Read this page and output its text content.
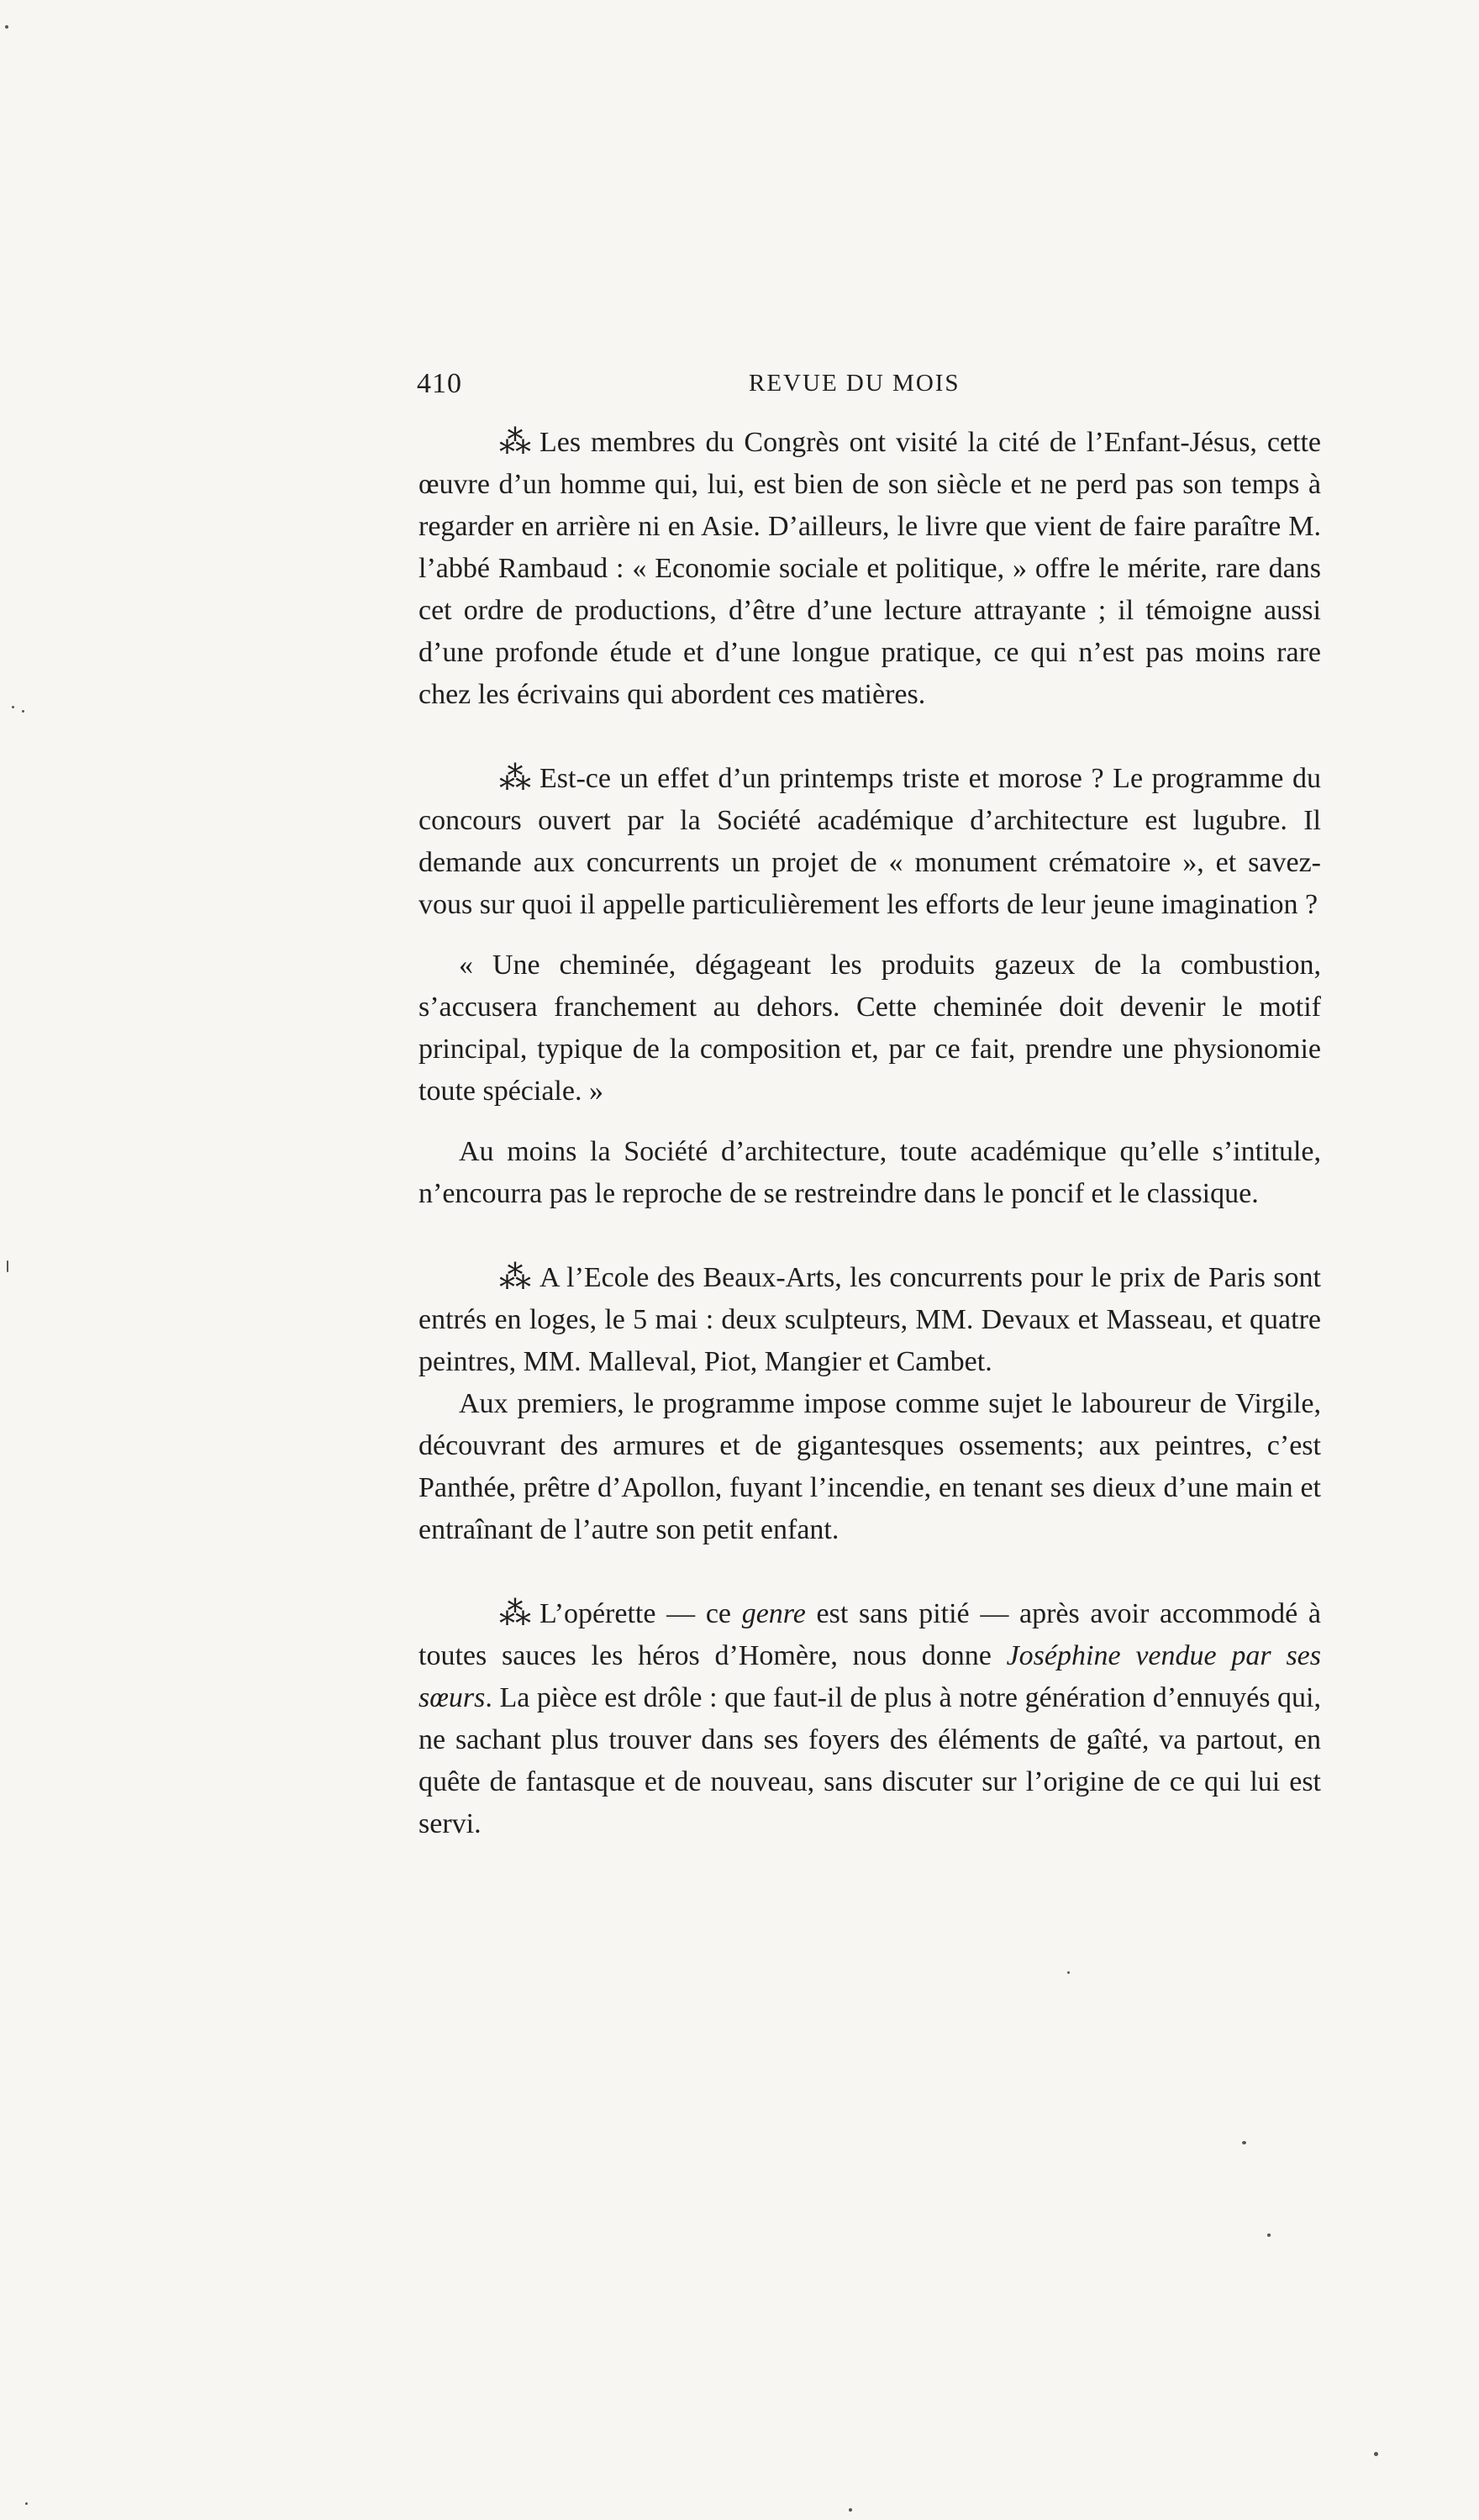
410	REVUE DU MOIS

⁂ Les membres du Congrès ont visité la cité de l’Enfant-Jésus, cette œuvre d’un homme qui, lui, est bien de son siècle et ne perd pas son temps à regarder en arrière ni en Asie. D’ailleurs, le livre que vient de faire paraître M. l’abbé Rambaud : « Economie sociale et politique, » offre le mérite, rare dans cet ordre de productions, d’être d’une lecture attrayante ; il témoigne aussi d’une profonde étude et d’une longue pratique, ce qui n’est pas moins rare chez les écrivains qui abordent ces matières.

⁂ Est-ce un effet d’un printemps triste et morose ? Le programme du concours ouvert par la Société académique d’architecture est lugubre. Il demande aux concurrents un projet de « monument crématoire », et savez-vous sur quoi il appelle particulièrement les efforts de leur jeune imagination ?

« Une cheminée, dégageant les produits gazeux de la combustion, s’accusera franchement au dehors. Cette cheminée doit devenir le motif principal, typique de la composition et, par ce fait, prendre une physionomie toute spéciale. »

Au moins la Société d’architecture, toute académique qu’elle s’intitule, n’encourra pas le reproche de se restreindre dans le poncif et le classique.

⁂ A l’Ecole des Beaux-Arts, les concurrents pour le prix de Paris sont entrés en loges, le 5 mai : deux sculpteurs, MM. Devaux et Masseau, et quatre peintres, MM. Malleval, Piot, Mangier et Cambet.

Aux premiers, le programme impose comme sujet le laboureur de Virgile, découvrant des armures et de gigantesques ossements; aux peintres, c’est Panthée, prêtre d’Apollon, fuyant l’incendie, en tenant ses dieux d’une main et entraînant de l’autre son petit enfant.

⁂ L’opérette — ce genre est sans pitié — après avoir accommodé à toutes sauces les héros d’Homère, nous donne Joséphine vendue par ses sœurs. La pièce est drôle : que faut-il de plus à notre génération d’ennuyés qui, ne sachant plus trouver dans ses foyers des éléments de gaîté, va partout, en quête de fantasque et de nouveau, sans discuter sur l’origine de ce qui lui est servi.
